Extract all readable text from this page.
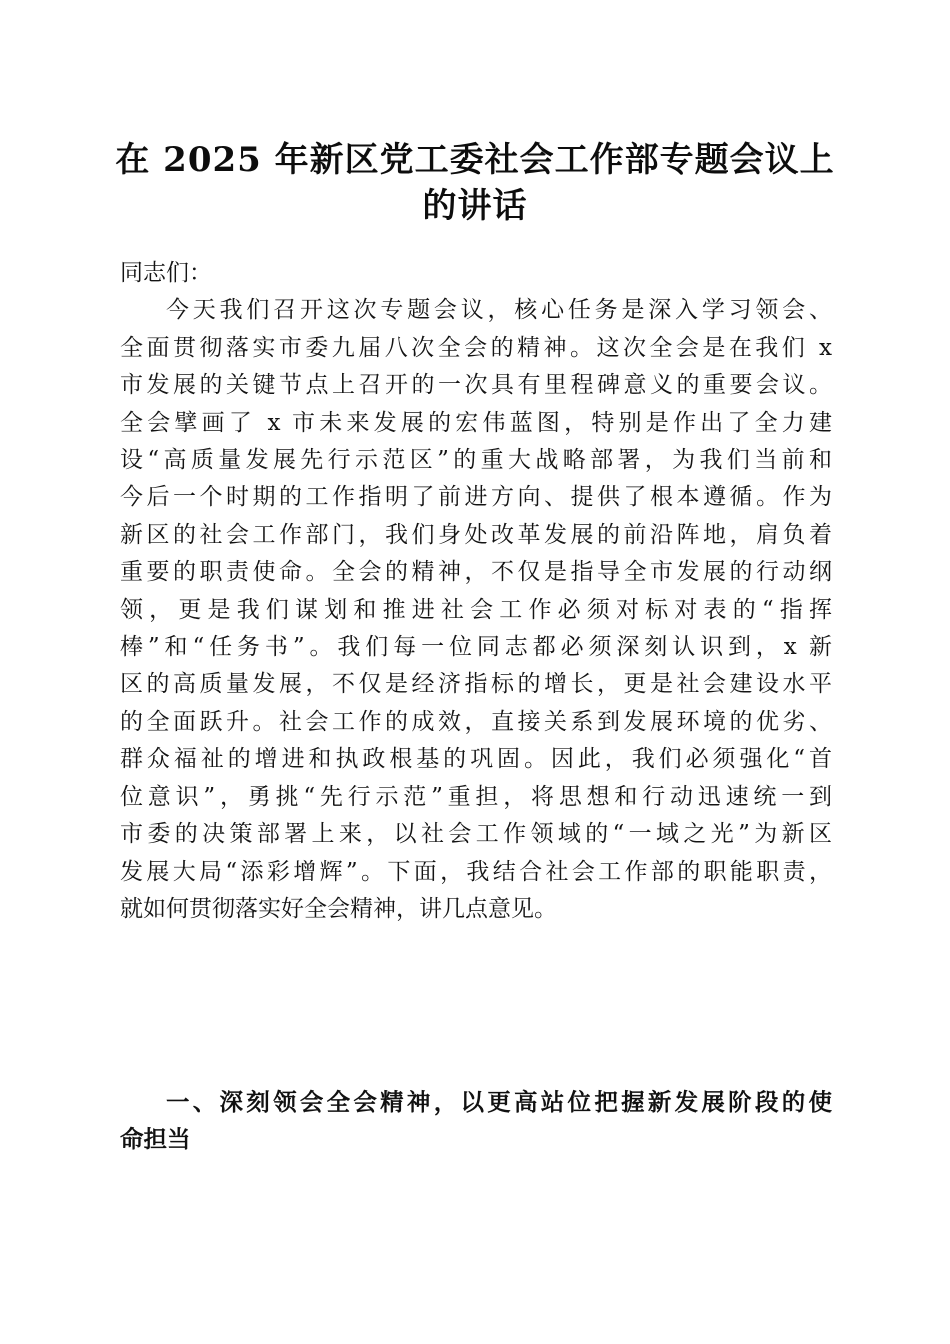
在 2025 年新区党工委社会工作部专题会议上
的讲话

同志们：

今天我们召开这次专题会议，核心任务是深入学习领会、
全面贯彻落实市委九届八次全会的精神。这次全会是在我们 x
市发展的关键节点上召开的一次具有里程碑意义的重要会议。
全会擘画了 x 市未来发展的宏伟蓝图，特别是作出了全力建
设“高质量发展先行示范区”的重大战略部署，为我们当前和
今后一个时期的工作指明了前进方向、提供了根本遵循。作为
新区的社会工作部门，我们身处改革发展的前沿阵地，肩负着
重要的职责使命。全会的精神，不仅是指导全市发展的行动纲
领，更是我们谋划和推进社会工作必须对标对表的“指挥
棒”和“任务书”。我们每一位同志都必须深刻认识到，x 新
区的高质量发展，不仅是经济指标的增长，更是社会建设水平
的全面跃升。社会工作的成效，直接关系到发展环境的优劣、
群众福祉的增进和执政根基的巩固。因此，我们必须强化“首
位意识”，勇挑“先行示范”重担，将思想和行动迅速统一到
市委的决策部署上来，以社会工作领域的“一域之光”为新区
发展大局“添彩增辉”。下面，我结合社会工作部的职能职责，
就如何贯彻落实好全会精神，讲几点意见。
一、深刻领会全会精神，以更高站位把握新发展阶段的使
命担当
